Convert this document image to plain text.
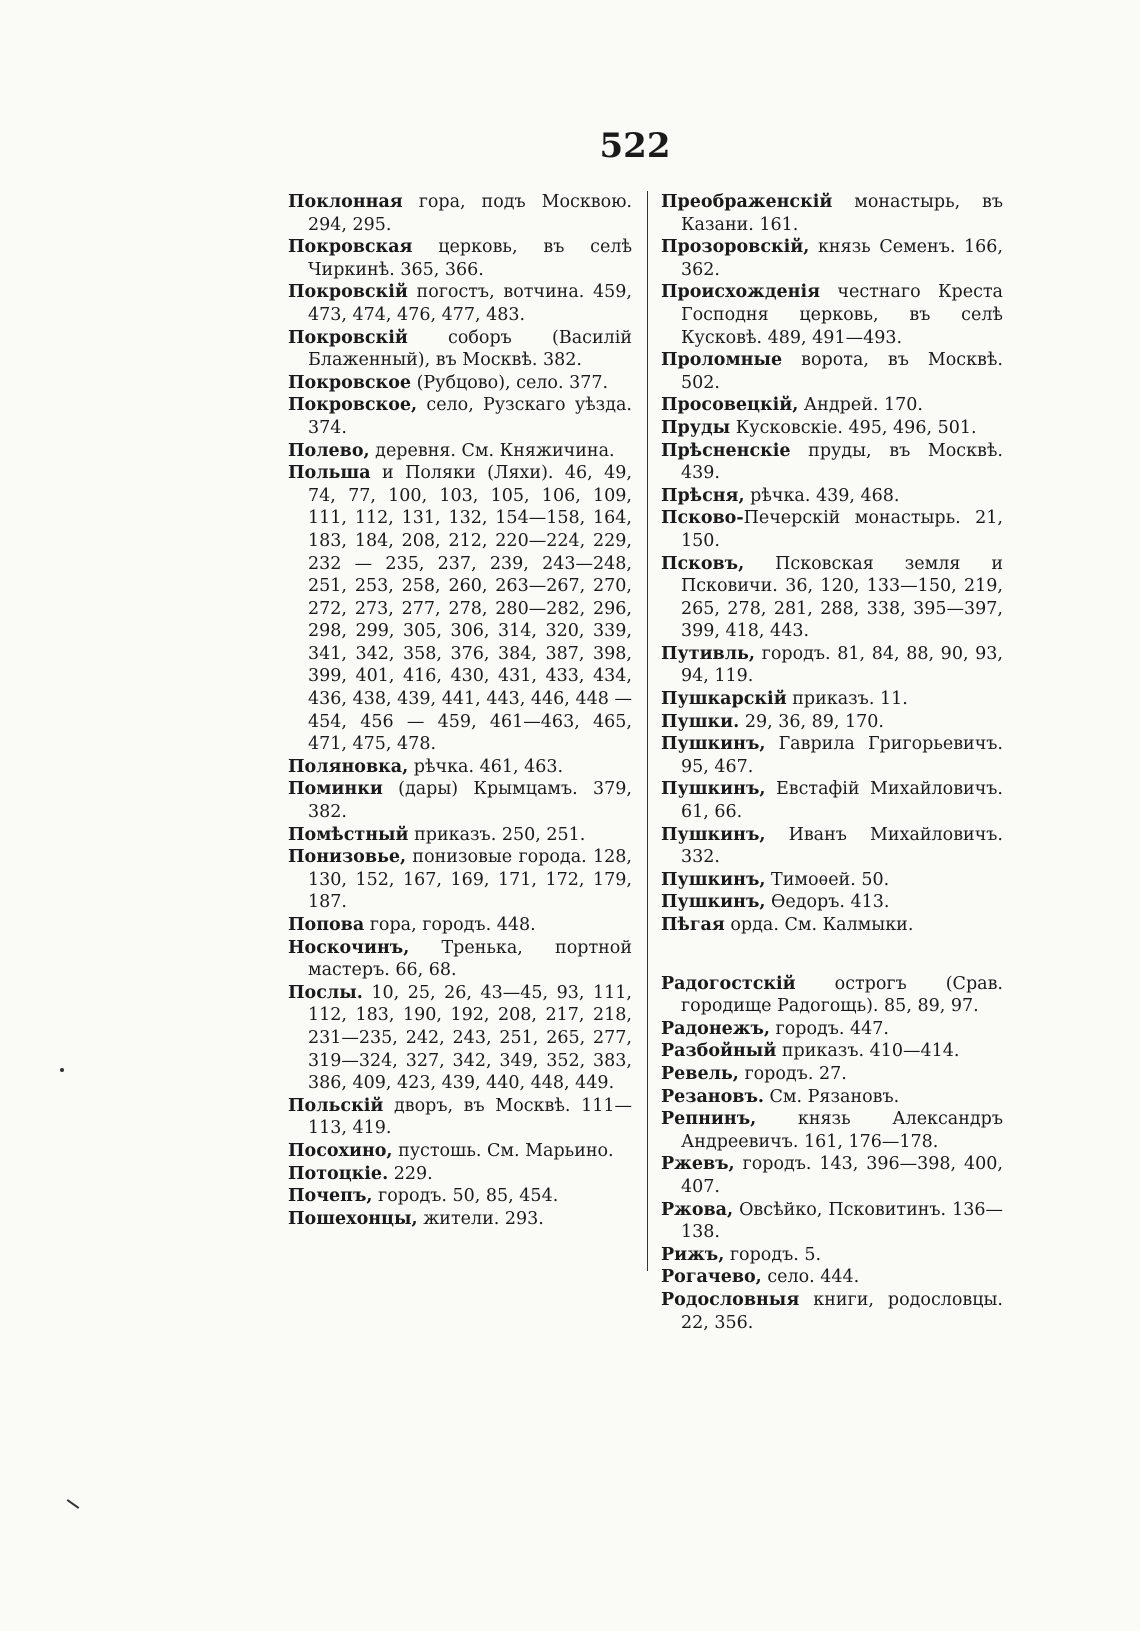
522

Поклонная гора, подъ Москвою. 294, 295.

Покровская церковь, въ селѣ Чиркинѣ. 365, 366.

Покровскій погостъ, вотчина. 459, 473, 474, 476, 477, 483.

Покровскій соборъ (Василій Блаженный), въ Москвѣ. 382.

Покровское (Рубцово), село. 377.

Покровское, село, Рузскаго уѣзда. 374.

Полево, деревня. См. Княжичина.

Польша и Поляки (Ляхи). 46, 49, 74, 77, 100, 103, 105, 106, 109, 111, 112, 131, 132, 154—158, 164, 183, 184, 208, 212, 220—224, 229, 232 — 235, 237, 239, 243—248, 251, 253, 258, 260, 263—267, 270, 272, 273, 277, 278, 280—282, 296, 298, 299, 305, 306, 314, 320, 339, 341, 342, 358, 376, 384, 387, 398, 399, 401, 416, 430, 431, 433, 434, 436, 438, 439, 441, 443, 446, 448 — 454, 456 — 459, 461—463, 465, 471, 475, 478.

Поляновка, рѣчка. 461, 463.

Поминки (дары) Крымцамъ. 379, 382.

Помѣстный приказъ. 250, 251.

Понизовье, понизовые города. 128, 130, 152, 167, 169, 171, 172, 179, 187.

Попова гора, городъ. 448.

Носкочинъ, Тренька, портной мастеръ. 66, 68.

Послы. 10, 25, 26, 43—45, 93, 111, 112, 183, 190, 192, 208, 217, 218, 231—235, 242, 243, 251, 265, 277, 319—324, 327, 342, 349, 352, 383, 386, 409, 423, 439, 440, 448, 449.

Польскій дворъ, въ Москвѣ. 111—113, 419.

Посохино, пустошь. См. Марьино.

Потоцкіе. 229.

Почепъ, городъ. 50, 85, 454.

Пошехонцы, жители. 293.

Преображенскій монастырь, въ Казани. 161.

Прозоровскій, князь Семенъ. 166, 362.

Происхожденія честнаго Креста Господня церковь, въ селѣ Кусковѣ. 489, 491—493.

Проломные ворота, въ Москвѣ. 502.

Просовецкій, Андрей. 170.

Пруды Кусковскіе. 495, 496, 501.

Прѣсненскіе пруды, въ Москвѣ. 439.

Прѣсня, рѣчка. 439, 468.

Псково-Печерскій монастырь. 21, 150.

Псковъ, Псковская земля и Псковичи. 36, 120, 133—150, 219, 265, 278, 281, 288, 338, 395—397, 399, 418, 443.

Путивль, городъ. 81, 84, 88, 90, 93, 94, 119.

Пушкарскій приказъ. 11.

Пушки. 29, 36, 89, 170.

Пушкинъ, Гаврила Григорьевичъ. 95, 467.

Пушкинъ, Евстафій Михайловичъ. 61, 66.

Пушкинъ, Иванъ Михайловичъ. 332.

Пушкинъ, Тимоѳей. 50.

Пушкинъ, Ѳедоръ. 413.

Пѣгая орда. См. Калмыки.

Радогостскій острогъ (Срав. городище Радогощь). 85, 89, 97.

Радонежъ, городъ. 447.

Разбойный приказъ. 410—414.

Ревель, городъ. 27.

Резановъ. См. Рязановъ.

Репнинъ, князь Александръ Андреевичъ. 161, 176—178.

Ржевъ, городъ. 143, 396—398, 400, 407.

Ржова, Овсѣйко, Псковитинъ. 136—138.

Рижъ, городъ. 5.

Рогачево, село. 444.

Родословныя книги, родословцы. 22, 356.
